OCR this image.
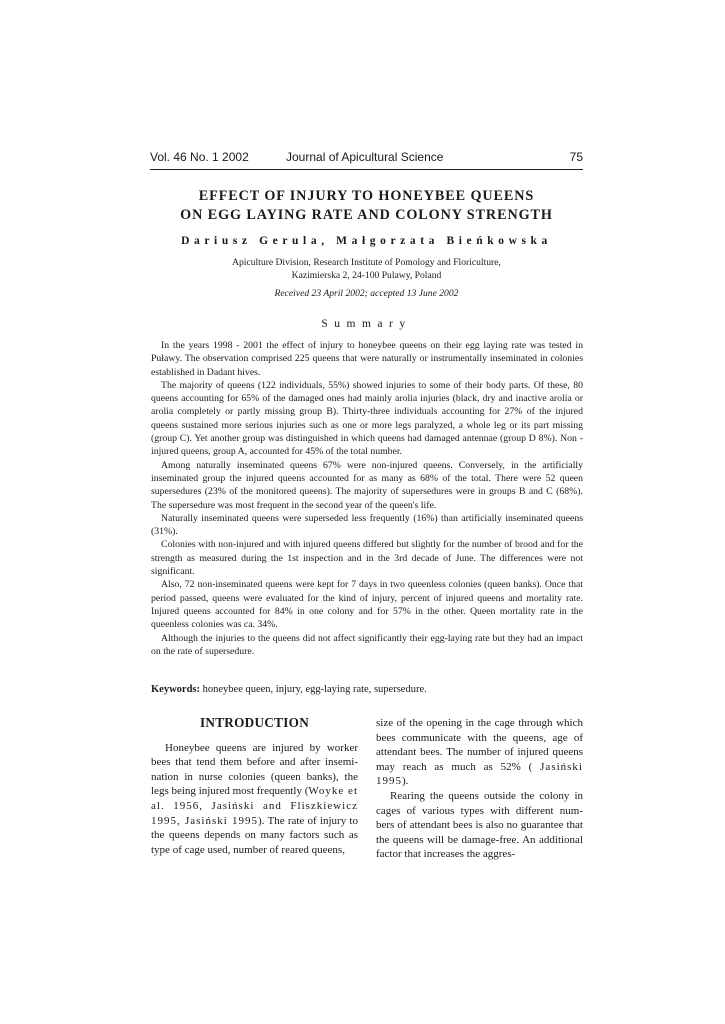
Vol. 46 No. 1 2002	Journal of Apicultural Science	75
EFFECT OF INJURY TO HONEYBEE QUEENS
ON EGG LAYING RATE AND COLONY STRENGTH
Dariusz Gerula, Małgorzata Bieńkowska
Apiculture Division, Research Institute of Pomology and Floriculture,
Kazimierska 2, 24-100 Pulawy, Poland
Received 23 April 2002; accepted 13 June 2002
Summary

In the years 1998 - 2001 the effect of injury to honeybee queens on their egg laying rate was tested in Puławy. The observation comprised 225 queens that were naturally or instrumentally inseminated in colonies established in Dadant hives.

The majority of queens (122 individuals, 55%) showed injuries to some of their body parts. Of these, 80 queens accounting for 65% of the damaged ones had mainly arolia injuries (black, dry and inactive arolia or arolia completely or partly missing group B). Thirty-three individuals accounting for 27% of the injured queens sustained more serious injuries such as one or more legs paralyzed, a whole leg or its part missing (group C). Yet another group was distinguished in which queens had damaged antennae (group D 8%). Non -injured queens, group A, accounted for 45% of the total number.

Among naturally inseminated queens 67% were non-injured queens. Conversely, in the artificially inseminated group the injured queens accounted for as many as 68% of the total. There were 52 queen supersedures (23% of the monitored queens). The majority of supersedures were in groups B and C (68%). The supersedure was most frequent in the second year of the queen's life.

Naturally inseminated queens were superseded less frequently (16%) than artificially inseminated queens (31%).

Colonies with non-injured and with injured queens differed but slightly for the number of brood and for the strength as measured during the 1st inspection and in the 3rd decade of June. The differences were not significant.

Also, 72 non-inseminated queens were kept for 7 days in two queenless colonies (queen banks). Once that period passed, queens were evaluated for the kind of injury, percent of injured queens and mortality rate. Injured queens accounted for 84% in one colony and for 57% in the other. Queen mortality rate in the queenless colonies was ca. 34%.

Although the injuries to the queens did not affect significantly their egg-laying rate but they had an impact on the rate of supersedure.

Keywords: honeybee queen, injury, egg-laying rate, supersedure.
INTRODUCTION

Honeybee queens are injured by worker bees that tend them before and after insemi- nation in nurse colonies (queen banks), the legs being injured most frequently (Woyke et al. 1956, Jasiński and Fliszkiewicz 1995, Jasiński 1995). The rate of injury to the queens depends on many factors such as type of cage used, number of reared queens,

size of the opening in the cage through which bees communicate with the queens, age of attendant bees. The number of injured queens may reach as much as 52% ( Jasiński 1995).

Rearing the queens outside the colony in cages of various types with different num- bers of attendant bees is also no guarantee that the queens will be damage-free. An additional factor that increases the aggres-
